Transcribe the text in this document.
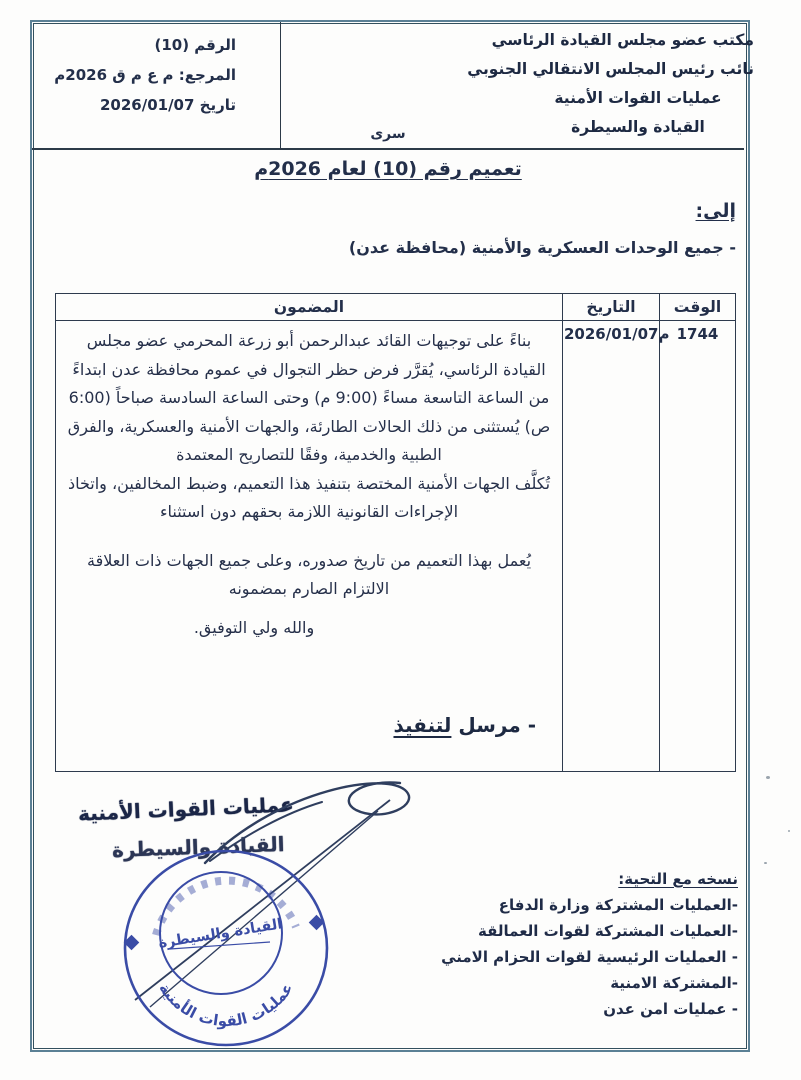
الرقم (10)
المرجع: م ع م ق 2026م
تاريخ 2026/01/07
مكتب عضو مجلس القيادة الرئاسي
نائب رئيس المجلس الانتقالي الجنوبي
عمليات القوات الأمنية
القيادة والسيطرة
سرى
تعميم رقم (10) لعام 2026م
إلى:
- جميع الوحدات العسكرية والأمنية (محافظة عدن)
الوقت	التاريخ	المضمون
1744	2026/01/07م	بناءً على توجيهات القائد عبدالرحمن أبو زرعة المحرمي عضو مجلس القيادة الرئاسي، يُقرَّر فرض حظر التجوال في عموم محافظة عدن ابتداءً من الساعة التاسعة مساءً (9:00 م) وحتى الساعة السادسة صباحاً (6:00 ص) يُستثنى من ذلك الحالات الطارئة، والجهات الأمنية والعسكرية، والفرق الطبية والخدمية، وفقًا للتصاريح المعتمدة

تُكلَّف الجهات الأمنية المختصة بتنفيذ هذا التعميم، وضبط المخالفين، واتخاذ الإجراءات القانونية اللازمة بحقهم دون استثناء

يُعمل بهذا التعميم من تاريخ صدوره، وعلى جميع الجهات ذات العلاقة الالتزام الصارم بمضمونه

والله ولي التوفيق.
- مرسل لتنفيذ
عمليات القوات الأمنية
القيادة والسيطرة
عمليات القوات الأمنية
القيادة والسيطرة
نسخه مع التحية:
-العمليات المشتركة وزارة الدفاع
-العمليات المشتركة لقوات العمالقة
- العمليات الرئيسية لقوات الحزام الامني
-المشتركة الامنية
- عمليات امن عدن
